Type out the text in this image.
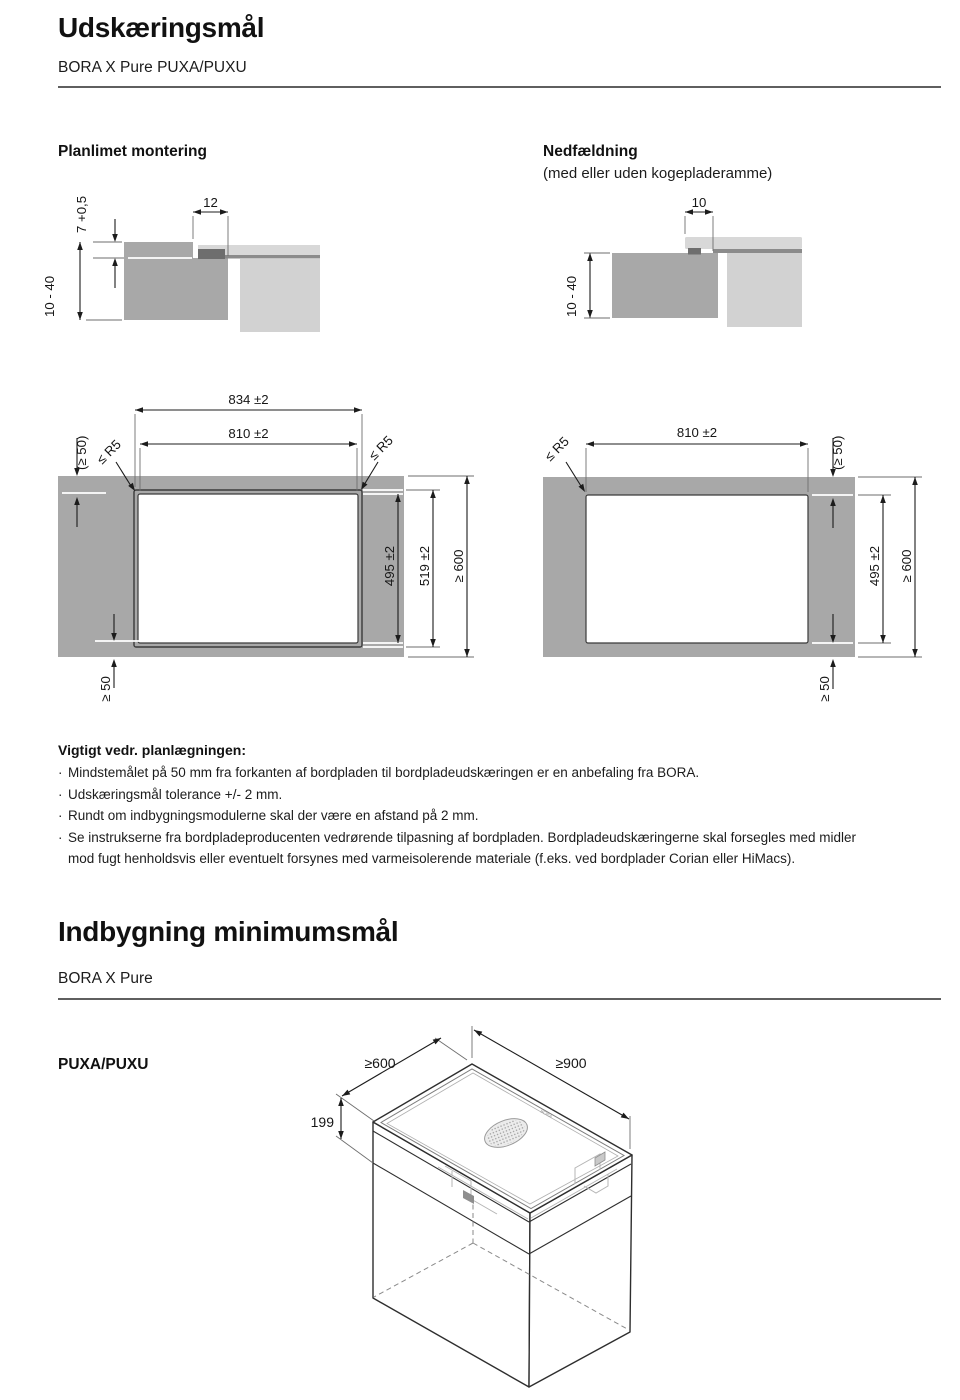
Udskæringsmål
BORA X Pure PUXA/PUXU
Planlimet montering	Nedfældning
(med eller uden kogepladeramme)
Vigtigt vedr. planlægningen:
· Mindstemålet på 50 mm fra forkanten af bordpladen til bordpladeudskæringen er en anbefaling fra BORA.
· Udskæringsmål tolerance +/- 2 mm.
· Rundt om indbygningsmodulerne skal der være en afstand på 2 mm.
· Se instrukserne fra bordpladeproducenten vedrørende tilpasning af bordpladen. Bordpladeudskæringerne skal forsegles med midler mod fugt henholdsvis eller eventuelt forsynes med varmeisolerende materiale (f.eks. ved bordplader Corian eller HiMacs).
Indbygning minimumsmål
BORA X Pure
PUXA/PUXU
7 +0,5	12
10 - 40
10
10 - 40
834 ±2
810 ±2
(≥ 50)
≥ 50
≤ R5	≤ R5
495 ±2 519 ±2 ≥ 600
810 ±2
≤ R5	(≥ 50)
≥ 50
495 ±2 ≥ 600
BORA
≥600	≥900
199
